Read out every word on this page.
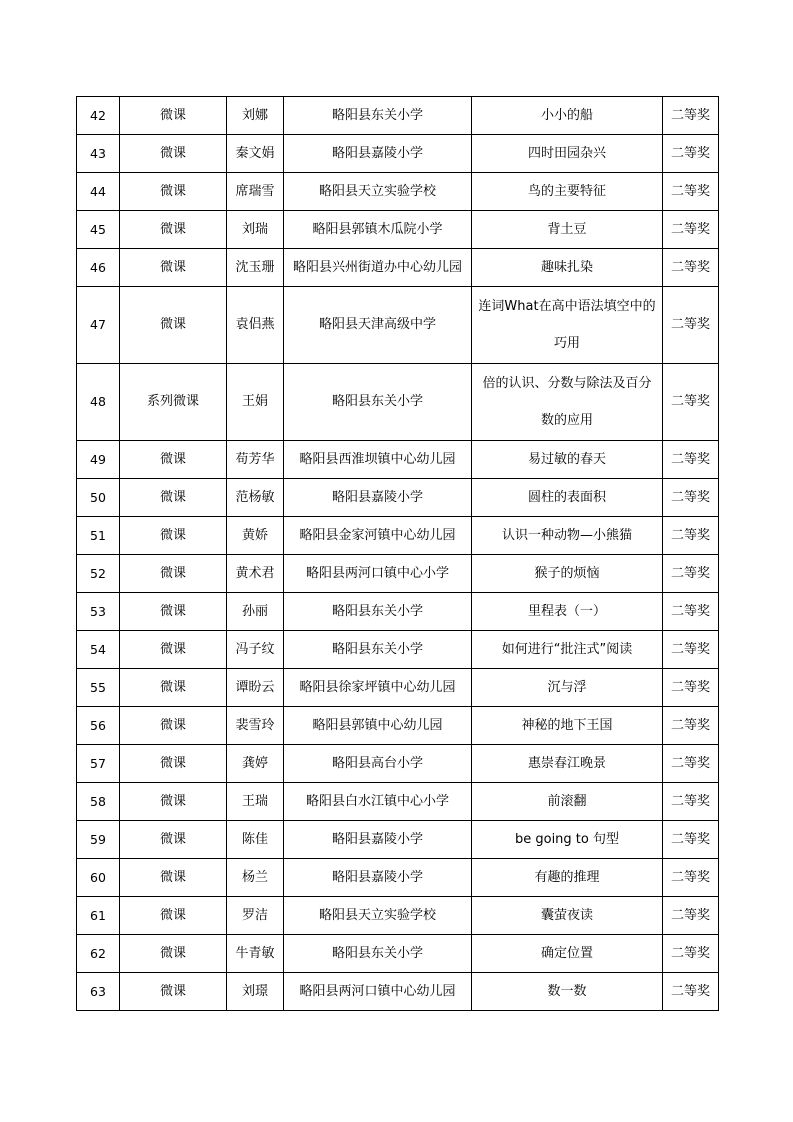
42	微课	刘娜	略阳县东关小学	小小的船	二等奖
43	微课	秦文娟	略阳县嘉陵小学	四时田园杂兴	二等奖
44	微课	席瑞雪	略阳县天立实验学校	鸟的主要特征	二等奖
45	微课	刘瑞	略阳县郭镇木瓜院小学	背土豆	二等奖
46	微课	沈玉珊	略阳县兴州街道办中心幼儿园	趣味扎染	二等奖
47	微课	袁侣燕	略阳县天津高级中学	连词What在高中语法填空中的巧用	二等奖
48	系列微课	王娟	略阳县东关小学	倍的认识、分数与除法及百分数的应用	二等奖
49	微课	苟芳华	略阳县西淮坝镇中心幼儿园	易过敏的春天	二等奖
50	微课	范杨敏	略阳县嘉陵小学	圆柱的表面积	二等奖
51	微课	黄娇	略阳县金家河镇中心幼儿园	认识一种动物—小熊猫	二等奖
52	微课	黄术君	略阳县两河口镇中心小学	猴子的烦恼	二等奖
53	微课	孙丽	略阳县东关小学	里程表（一）	二等奖
54	微课	冯子纹	略阳县东关小学	如何进行“批注式”阅读	二等奖
55	微课	谭盼云	略阳县徐家坪镇中心幼儿园	沉与浮	二等奖
56	微课	裴雪玲	略阳县郭镇中心幼儿园	神秘的地下王国	二等奖
57	微课	龚婷	略阳县高台小学	惠崇春江晚景	二等奖
58	微课	王瑞	略阳县白水江镇中心小学	前滚翻	二等奖
59	微课	陈佳	略阳县嘉陵小学	be going to 句型	二等奖
60	微课	杨兰	略阳县嘉陵小学	有趣的推理	二等奖
61	微课	罗洁	略阳县天立实验学校	囊萤夜读	二等奖
62	微课	牛青敏	略阳县东关小学	确定位置	二等奖
63	微课	刘璟	略阳县两河口镇中心幼儿园	数一数	二等奖
